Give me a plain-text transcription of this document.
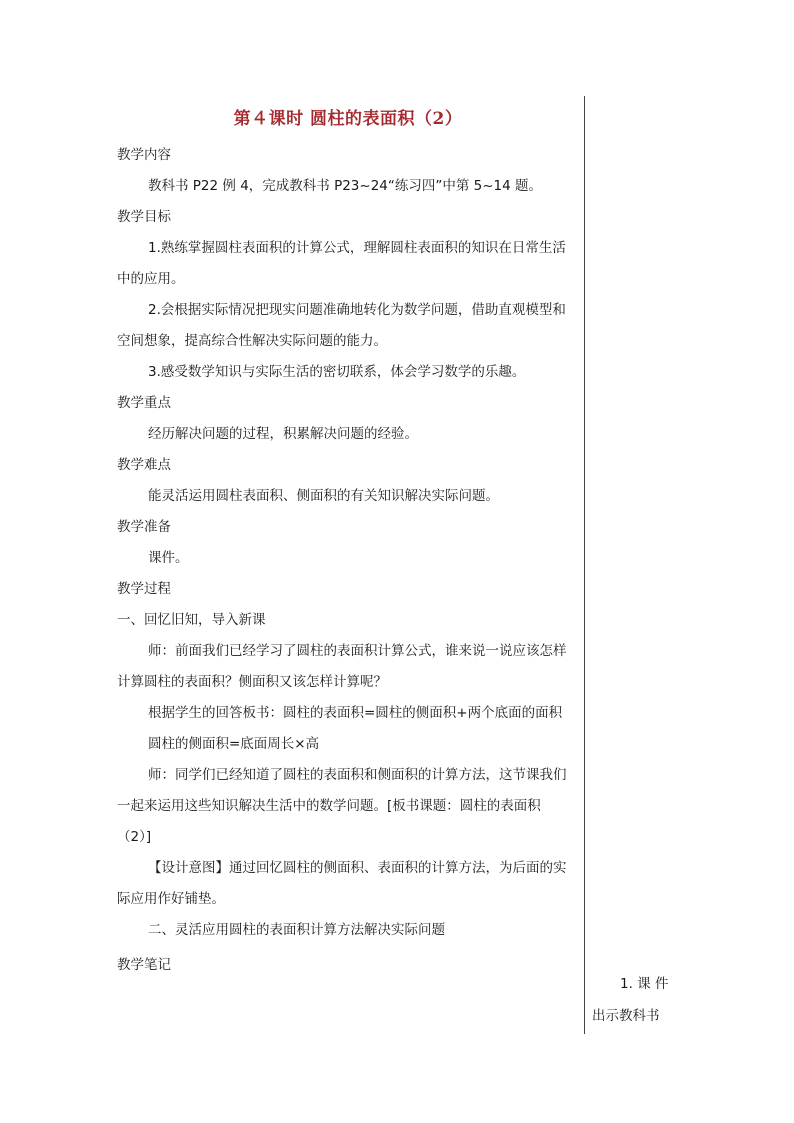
第４课时 圆柱的表面积（2）
教学内容
教科书 P22 例 4，完成教科书 P23~24“练习四”中第 5~14 题。
教学目标
1.熟练掌握圆柱表面积的计算公式，理解圆柱表面积的知识在日常生活
中的应用。
2.会根据实际情况把现实问题准确地转化为数学问题，借助直观模型和
空间想象，提高综合性解决实际问题的能力。
3.感受数学知识与实际生活的密切联系，体会学习数学的乐趣。
教学重点
经历解决问题的过程，积累解决问题的经验。
教学难点
能灵活运用圆柱表面积、侧面积的有关知识解决实际问题。
教学准备
课件。
教学过程
一、回忆旧知，导入新课
师：前面我们已经学习了圆柱的表面积计算公式，谁来说一说应该怎样
计算圆柱的表面积？侧面积又该怎样计算呢？
根据学生的回答板书：圆柱的表面积=圆柱的侧面积+两个底面的面积
圆柱的侧面积=底面周长×高
师：同学们已经知道了圆柱的表面积和侧面积的计算方法，这节课我们
一起来运用这些知识解决生活中的数学问题。[板书课题：圆柱的表面积
（2）]
【设计意图】通过回忆圆柱的侧面积、表面积的计算方法，为后面的实
际应用作好铺垫。
二、灵活应用圆柱的表面积计算方法解决实际问题
教学笔记
1. 课 件
出示教科书
